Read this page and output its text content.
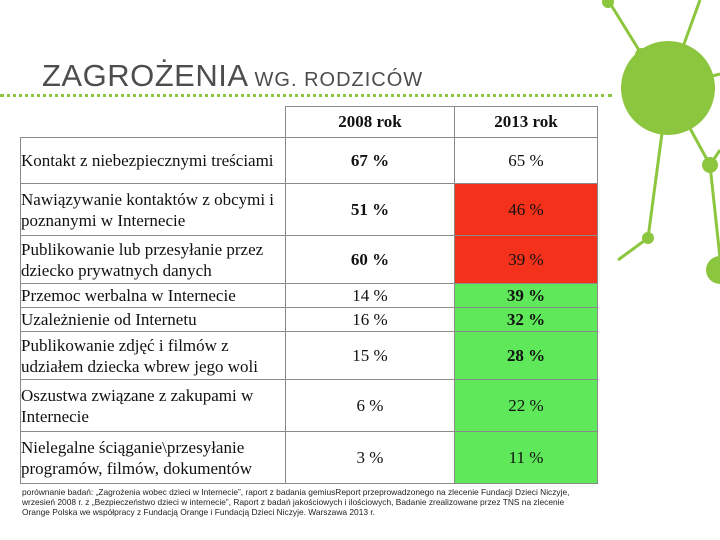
ZAGROŻENIA WG. RODZICÓW
	2008 rok	2013 rok
Kontakt z niebezpiecznymi treściami	67 %	65 %
Nawiązywanie kontaktów z obcymi i poznanymi w Internecie	51 %	46 %
Publikowanie lub przesyłanie przez dziecko prywatnych danych	60 %	39 %
Przemoc werbalna w Internecie	14 %	39 %
Uzależnienie od Internetu	16 %	32 %
Publikowanie zdjęć i filmów z udziałem dziecka wbrew jego woli	15 %	28 %
Oszustwa związane z zakupami w Internecie	6 %	22 %
Nielegalne ściąganie\przesyłanie programów, filmów, dokumentów	3 %	11 %
porównanie badań: „Zagrożenia wobec dzieci w Internecie”, raport z badania gemiusReport przeprowadzonego na zlecenie Fundacji Dzieci Niczyje, wrzesień 2008 r. z „Bezpieczeństwo dzieci w internecie”, Raport z badań jakościowych i ilościowych, Badanie zrealizowane przez TNS na zlecenie Orange Polska we współpracy z Fundacją Orange i Fundacją Dzieci Niczyje. Warszawa 2013 r.
